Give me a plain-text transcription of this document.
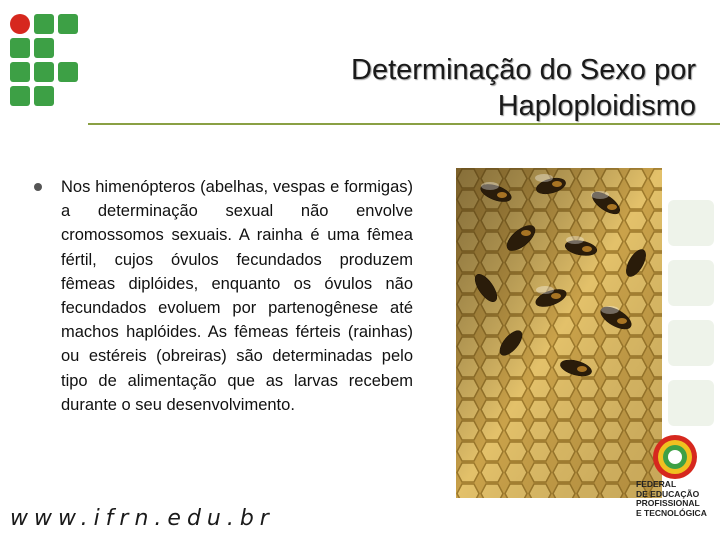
Determinação do Sexo por
Haploploidismo
Nos himenópteros (abelhas, vespas e formigas) a determinação sexual não envolve cromossomos sexuais. A rainha é uma fêmea fértil, cujos óvulos fecundados produzem fêmeas diplóides, enquanto os óvulos não fecundados evoluem por partenogênese até machos haplóides. As fêmeas férteis (rainhas) ou estéreis (obreiras) são determinadas pelo tipo de alimentação que as larvas recebem durante o seu desenvolvimento.
FEDERAL
DE EDUCAÇÃO
PROFISSIONAL
E TECNOLÓGICA
www.ifrn.edu.br
